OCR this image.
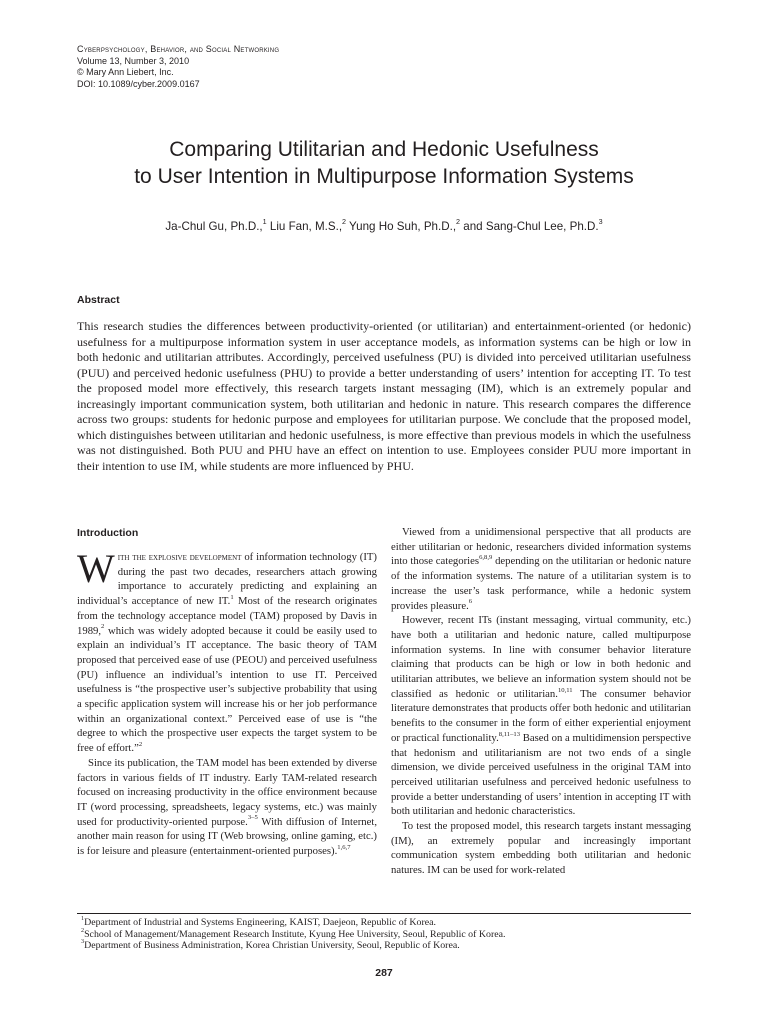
Cyberpsychology, Behavior, and Social Networking
Volume 13, Number 3, 2010
© Mary Ann Liebert, Inc.
DOI: 10.1089/cyber.2009.0167
Comparing Utilitarian and Hedonic Usefulness
to User Intention in Multipurpose Information Systems
Ja-Chul Gu, Ph.D.,$^1$ Liu Fan, M.S.,$^2$ Yung Ho Suh, Ph.D.,$^2$ and Sang-Chul Lee, Ph.D.$^3$
Abstract

This research studies the differences between productivity-oriented (or utilitarian) and entertainment-oriented (or hedonic) usefulness for a multipurpose information system in user acceptance models, as information systems can be high or low in both hedonic and utilitarian attributes. Accordingly, perceived usefulness (PU) is divided into perceived utilitarian usefulness (PUU) and perceived hedonic usefulness (PHU) to provide a better understanding of users’ intention for accepting IT. To test the proposed model more effectively, this research targets instant messaging (IM), which is an extremely popular and increasingly important communication system, both utilitarian and hedonic in nature. This research compares the difference across two groups: students for hedonic purpose and employees for utilitarian purpose. We conclude that the proposed model, which distinguishes between utilitarian and hedonic usefulness, is more effective than previous models in which the usefulness was not distinguished. Both PUU and PHU have an effect on intention to use. Employees consider PUU more important in their intention to use IM, while students are more influenced by PHU.

Introduction

With the explosive development of information technology (IT) during the past two decades, researchers attach growing importance to accurately predicting and explaining an individual’s acceptance of new IT.$^1$ Most of the research originates from the technology acceptance model (TAM) proposed by Davis in 1989,$^2$ which was widely adopted because it could be easily used to explain an individual’s IT acceptance. The basic theory of TAM proposed that perceived ease of use (PEOU) and perceived usefulness (PU) influence an individual’s intention to use IT. Perceived usefulness is “the prospective user’s subjective probability that using a specific application system will increase his or her job performance within an organizational context.” Perceived ease of use is “the degree to which the prospective user expects the target system to be free of effort.”$^2$

Since its publication, the TAM model has been extended by diverse factors in various fields of IT industry. Early TAM-related research focused on increasing productivity in the office environment because IT (word processing, spreadsheets, legacy systems, etc.) was mainly used for productivity-oriented purpose.$^{3-5}$ With diffusion of Internet, another main reason for using IT (Web browsing, online gaming, etc.) is for leisure and pleasure (entertainment-oriented purposes).$^{1,6,7}$

Viewed from a unidimensional perspective that all products are either utilitarian or hedonic, researchers divided information systems into those categories$^{6,8,9}$ depending on the utilitarian or hedonic nature of the information systems. The nature of a utilitarian system is to increase the user’s task performance, while a hedonic system provides pleasure.$^6$

However, recent ITs (instant messaging, virtual community, etc.) have both a utilitarian and hedonic nature, called multipurpose information systems. In line with consumer behavior literature claiming that products can be high or low in both hedonic and utilitarian attributes, we believe an information system should not be classified as hedonic or utilitarian.$^{10,11}$ The consumer behavior literature demonstrates that products offer both hedonic and utilitarian benefits to the consumer in the form of either experiential enjoyment or practical functionality.$^{8,11-13}$ Based on a multidimension perspective that hedonism and utilitarianism are not two ends of a single dimension, we divide perceived usefulness in the original TAM into perceived utilitarian usefulness and perceived hedonic usefulness to provide a better understanding of users’ intention in accepting IT with both utilitarian and hedonic characteristics.

To test the proposed model, this research targets instant messaging (IM), an extremely popular and increasingly important communication system embedding both utilitarian and hedonic natures. IM can be used for work-related

$^1$Department of Industrial and Systems Engineering, KAIST, Daejeon, Republic of Korea.
$^2$School of Management/Management Research Institute, Kyung Hee University, Seoul, Republic of Korea.
$^3$Department of Business Administration, Korea Christian University, Seoul, Republic of Korea.
287
